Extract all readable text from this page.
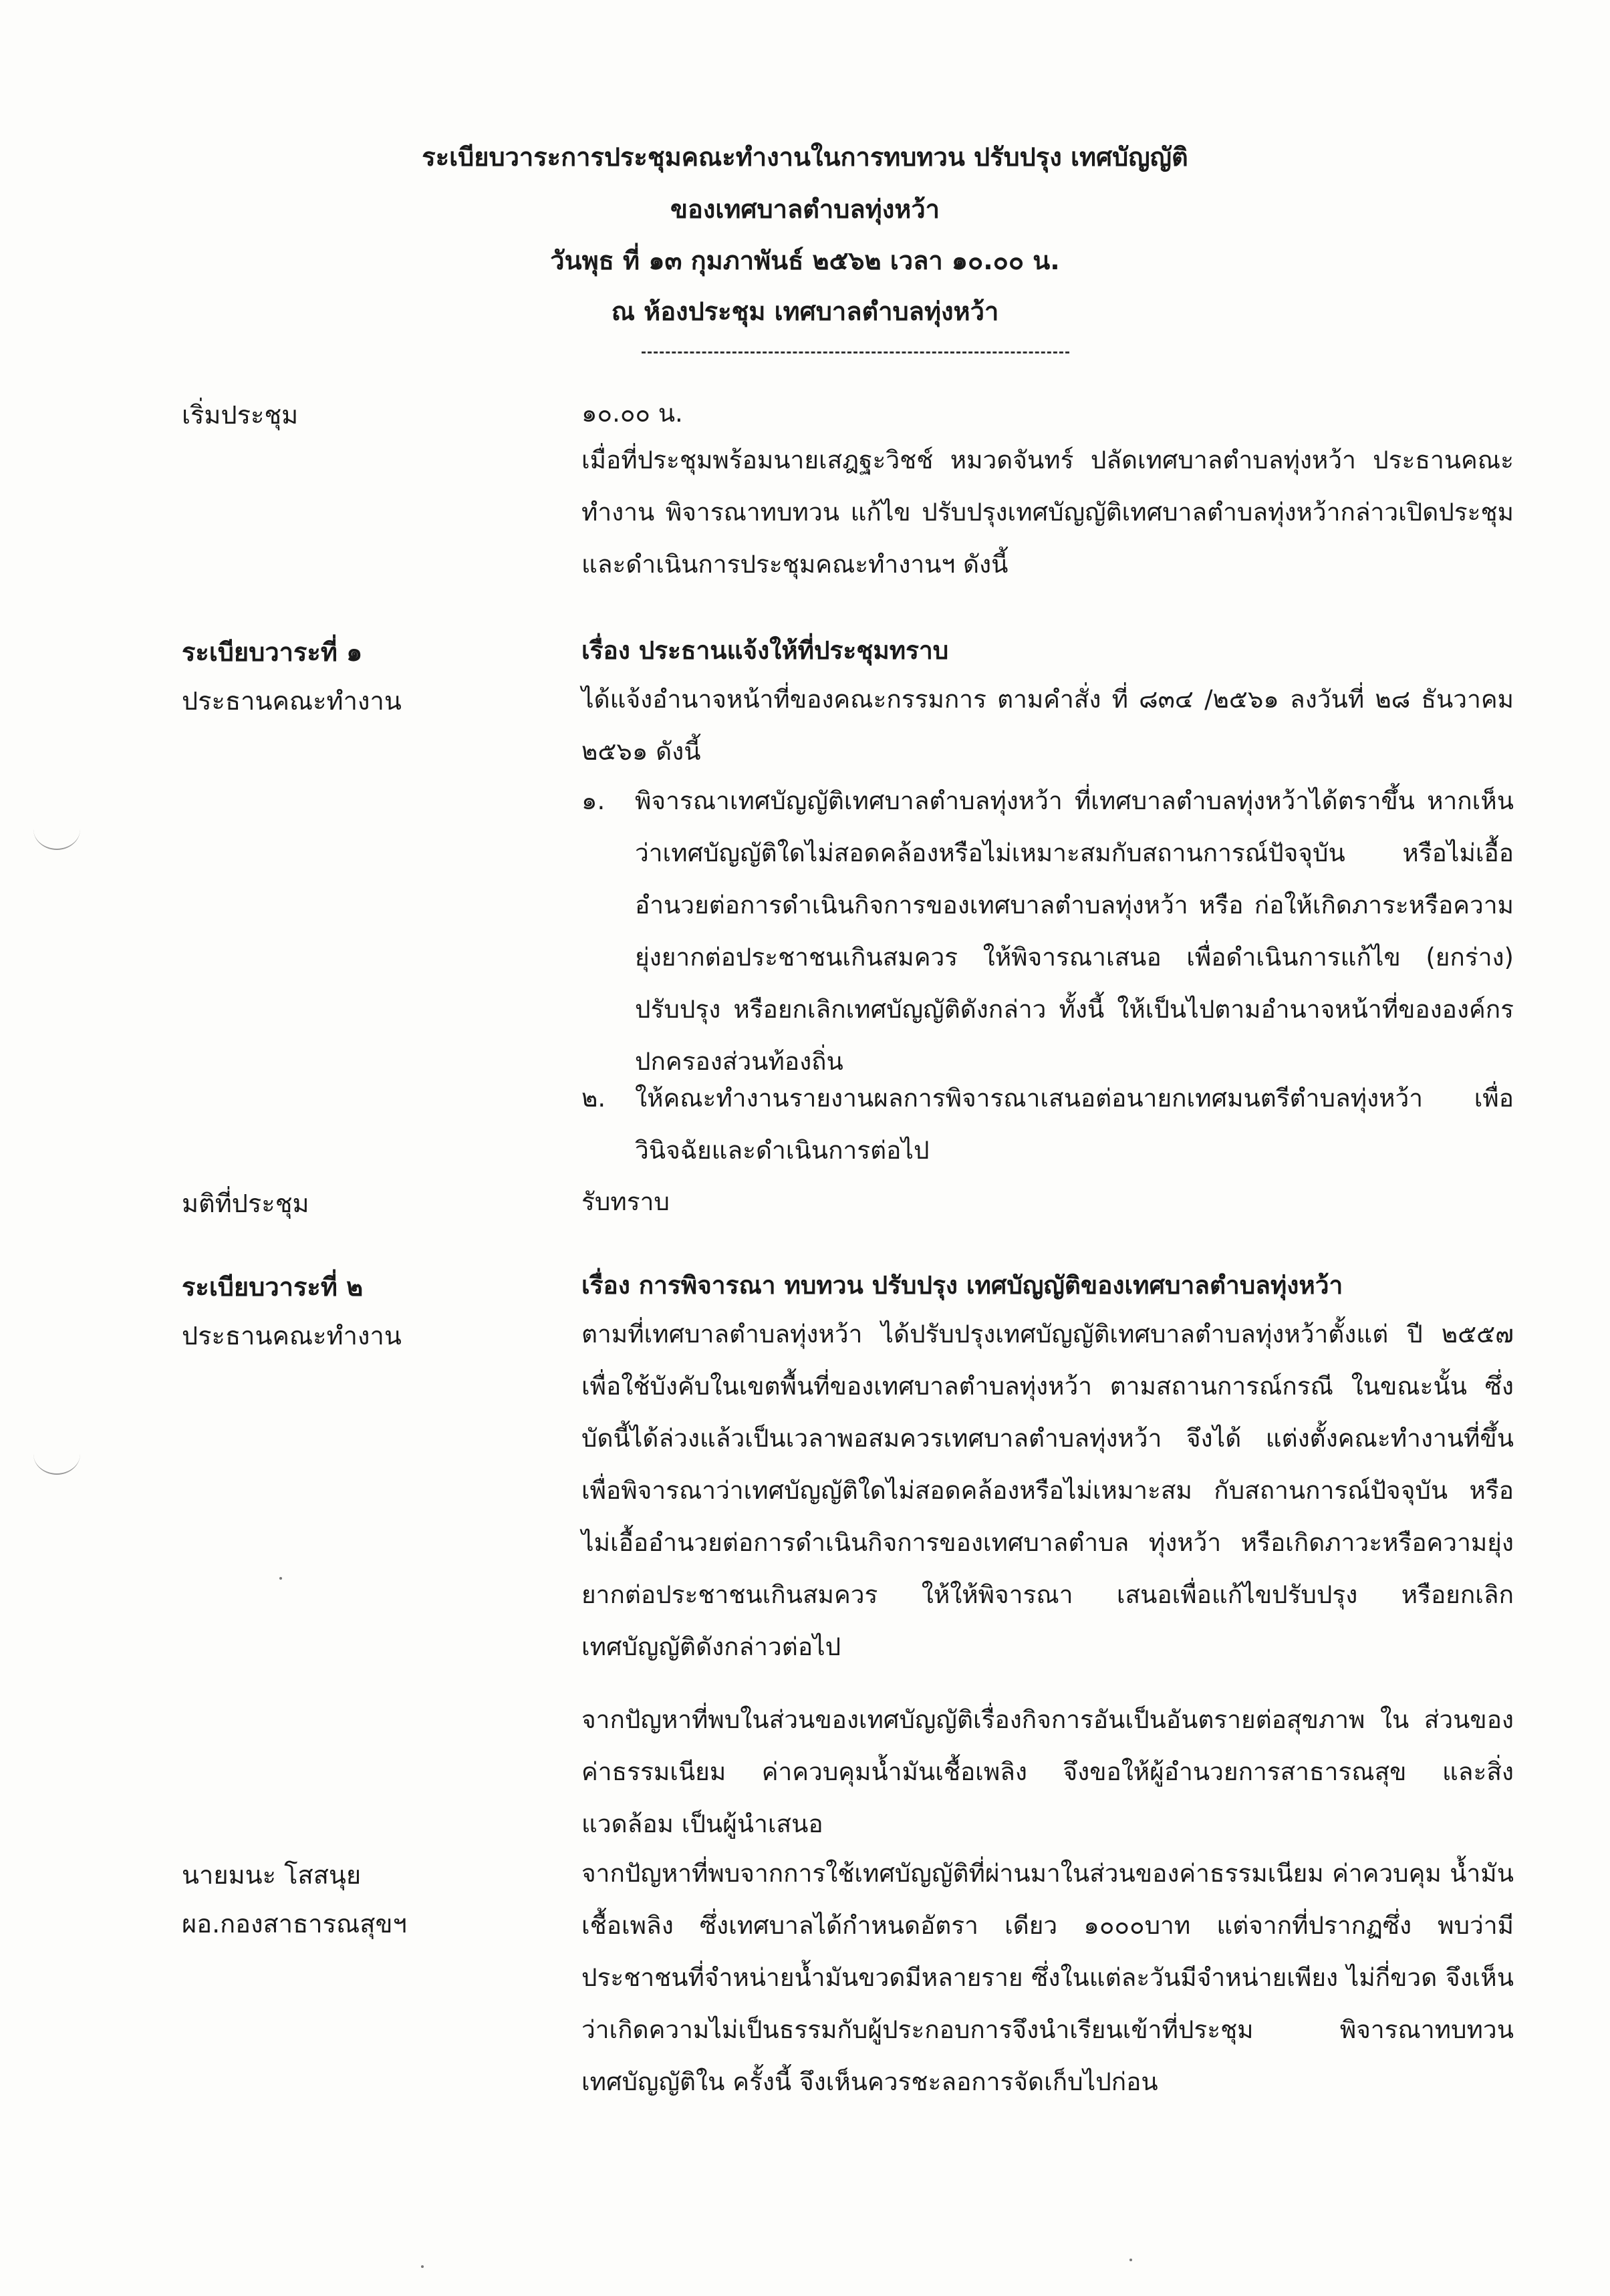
ระเบียบวาระการประชุมคณะทำงานในการทบทวน ปรับปรุง เทศบัญญัติ
ของเทศบาลตำบลทุ่งหว้า
วันพุธ ที่ ๑๓ กุมภาพันธ์ ๒๕๖๒ เวลา ๑๐.๐๐ น.
ณ ห้องประชุม เทศบาลตำบลทุ่งหว้า
เริ่มประชุม	๑๐.๐๐ น.
เมื่อที่ประชุมพร้อมนายเสฎฐะวิชช์ หมวดจันทร์ ปลัดเทศบาลตำบลทุ่งหว้า ประธานคณะทำงาน พิจารณาทบทวน แก้ไข ปรับปรุงเทศบัญญัติเทศบาลตำบลทุ่งหว้ากล่าวเปิดประชุม และดำเนินการประชุมคณะทำงานฯ ดังนี้
ระเบียบวาระที่ ๑
ประธานคณะทำงาน
เรื่อง ประธานแจ้งให้ที่ประชุมทราบ
ได้แจ้งอำนาจหน้าที่ของคณะกรรมการ ตามคำสั่ง ที่ ๘๓๔ /๒๕๖๑ ลงวันที่ ๒๘ ธันวาคม ๒๕๖๑ ดังนี้
๑. พิจารณาเทศบัญญัติเทศบาลตำบลทุ่งหว้า ที่เทศบาลตำบลทุ่งหว้าได้ตราขึ้น หากเห็นว่าเทศบัญญัติใดไม่สอดคล้องหรือไม่เหมาะสมกับสถานการณ์ปัจจุบัน หรือไม่เอื้ออำนวยต่อการดำเนินกิจการของเทศบาลตำบลทุ่งหว้า หรือ ก่อให้เกิดภาระหรือความยุ่งยากต่อประชาชนเกินสมควร ให้พิจารณาเสนอ เพื่อดำเนินการแก้ไข (ยกร่าง) ปรับปรุง หรือยกเลิกเทศบัญญัติดังกล่าว ทั้งนี้ ให้เป็นไปตามอำนาจหน้าที่ขององค์กรปกครองส่วนท้องถิ่น
๒. ให้คณะทำงานรายงานผลการพิจารณาเสนอต่อนายกเทศมนตรีตำบลทุ่งหว้า เพื่อวินิจฉัยและดำเนินการต่อไป
มติที่ประชุม	รับทราบ
ระเบียบวาระที่ ๒
ประธานคณะทำงาน
เรื่อง การพิจารณา ทบทวน ปรับปรุง เทศบัญญัติของเทศบาลตำบลทุ่งหว้า
ตามที่เทศบาลตำบลทุ่งหว้า ได้ปรับปรุงเทศบัญญัติเทศบาลตำบลทุ่งหว้าตั้งแต่ ปี ๒๕๕๗ เพื่อใช้บังคับในเขตพื้นที่ของเทศบาลตำบลทุ่งหว้า ตามสถานการณ์กรณี ในขณะนั้น ซึ่งบัดนี้ได้ล่วงแล้วเป็นเวลาพอสมควรเทศบาลตำบลทุ่งหว้า จึงได้ แต่งตั้งคณะทำงานที่ขึ้นเพื่อพิจารณาว่าเทศบัญญัติใดไม่สอดคล้องหรือไม่เหมาะสม กับสถานการณ์ปัจจุบัน หรือไม่เอื้ออำนวยต่อการดำเนินกิจการของเทศบาลตำบล ทุ่งหว้า หรือเกิดภาวะหรือความยุ่งยากต่อประชาชนเกินสมควร ให้ให้พิจารณา เสนอเพื่อแก้ไขปรับปรุง หรือยกเลิกเทศบัญญัติดังกล่าวต่อไป
จากปัญหาที่พบในส่วนของเทศบัญญัติเรื่องกิจการอันเป็นอันตรายต่อสุขภาพ ใน ส่วนของค่าธรรมเนียม ค่าควบคุมน้ำมันเชื้อเพลิง จึงขอให้ผู้อำนวยการสาธารณสุข และสิ่งแวดล้อม เป็นผู้นำเสนอ
นายมนะ โสสนุย
ผอ.กองสาธารณสุขฯ
จากปัญหาที่พบจากการใช้เทศบัญญัติที่ผ่านมาในส่วนของค่าธรรมเนียม ค่าควบคุม น้ำมันเชื้อเพลิง ซึ่งเทศบาลได้กำหนดอัตรา เดียว ๑๐๐๐บาท แต่จากที่ปรากฏซึ่ง พบว่ามีประชาชนที่จำหน่ายน้ำมันขวดมีหลายราย ซึ่งในแต่ละวันมีจำหน่ายเพียง ไม่กี่ขวด จึงเห็นว่าเกิดความไม่เป็นธรรมกับผู้ประกอบการจึงนำเรียนเข้าที่ประชุม พิจารณาทบทวน เทศบัญญัติใน ครั้งนี้ จึงเห็นควรชะลอการจัดเก็บไปก่อน
